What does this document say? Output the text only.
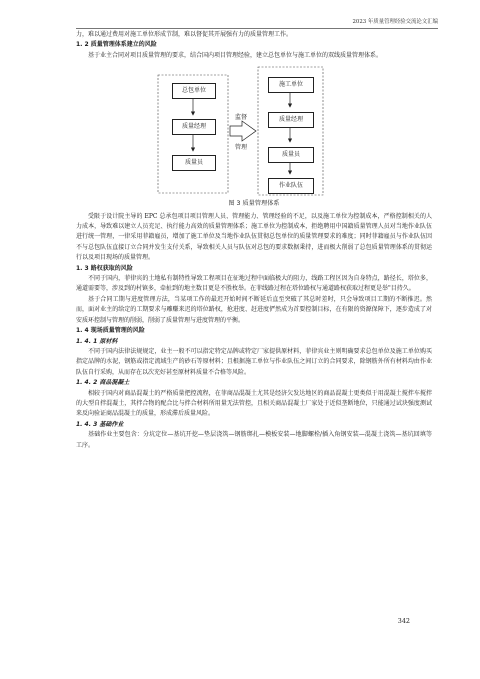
2023 年质量管理经验交流论文汇编

力，难以通过费用对施工单位形成节制，难以督促其开展强有力的质量管理工作。

1. 2 质量管理体系建立的风险

基于业主合同对项目质量管理的要求，结合国内项目管理经验，建立总包单位与施工单位的双线质量管理体系。

总包单位
质量经理
质量员
施工单位
质量经理
质量员
作业队伍
监督
管理
图 3 质量管理体系

受限于设计院主导的 EPC 总承包项目项目管理人员、管理能力、管理经验的不足，以及施工单位为控制成本，严格控制相关的人力成本，导致难以建立人员充足、执行能力高效的质量管理体系；施工单位为控制成本，拒绝聘用中国籍质量管理人员对当地作业队伍进行统一管理，一律采用菲籍雇员，增加了施工单位及当地作业队伍贯彻总包单位的质量管理要求的难度；同时菲籍雇员与作业队伍因不与总包队伍直接订立合同并发生支付关系，导致相关人员与队伍对总包的要求数据秉持，进而极大削弱了总包质量管理体系的贯彻运行以及项目现场的质量管理。

1. 3 路权获取的风险

不同于国内，菲律宾的土地私有制特性导致工程项目在征地过程中面临极大的阻力，线路工程区因为自身特点，路径长，塔位多，通道需要等，涉及到的村镇多，牵扯到的地主数目更是不胜枚举。在菲线路过程在塔位路权与通道路权获取过程更是举"目持久。

基于合同工期与进度管理方法，当某项工作的最迟开始时间不断延后直至突破了其总时差时，只会导致项目工期的不断推迟。然而，面对业主的给定的工期要求与雕赚来迟的塔位路权，抢进度、赶进度俨然成为首要控制目标，在有限的资源保障下，逐步造成了对安质环控制与管理的削弱，削弱了质量管理与进度管理的平衡。

1. 4 现场质量管理的风险

1. 4. 1 原材料

不同于国内法律法规规定，业主一般不可以指定特定品牌或特定厂家提供原材料，菲律宾业主则明确要求总包单位及施工单位购买指定品牌的水泥，钢筋或指定流域生产的砂石等原材料；且根据施工单位与作业队伍之间订立的合同要求，除钢筋外所有材料均由作业队伍自行采购，从而存在以次充好甚至原材料质量不合格等风险。

1. 4. 2 商品混凝土

相较于国内对商品混凝土的严格质量把控流程，在菲商品混凝土尤其是经济欠发达地区的商品混凝土更类似于用混凝土搅拌车搅拌的大型自拌混凝土，其拌合物的配合比与拌合材料所用量无法管控，且相关商品混凝土厂家处于近似垄断地位，只能通过试块强度测试来反向验证商品混凝土的质量，形成滞后质量风险。

1. 4. 3 基础作业

基础作业主要包含：分坑定位—基坑开挖—垫层浇筑—钢筋绑扎—模板安装—地脚螺栓/插入角钢安装—混凝土浇筑—基坑回填等工序。

342
